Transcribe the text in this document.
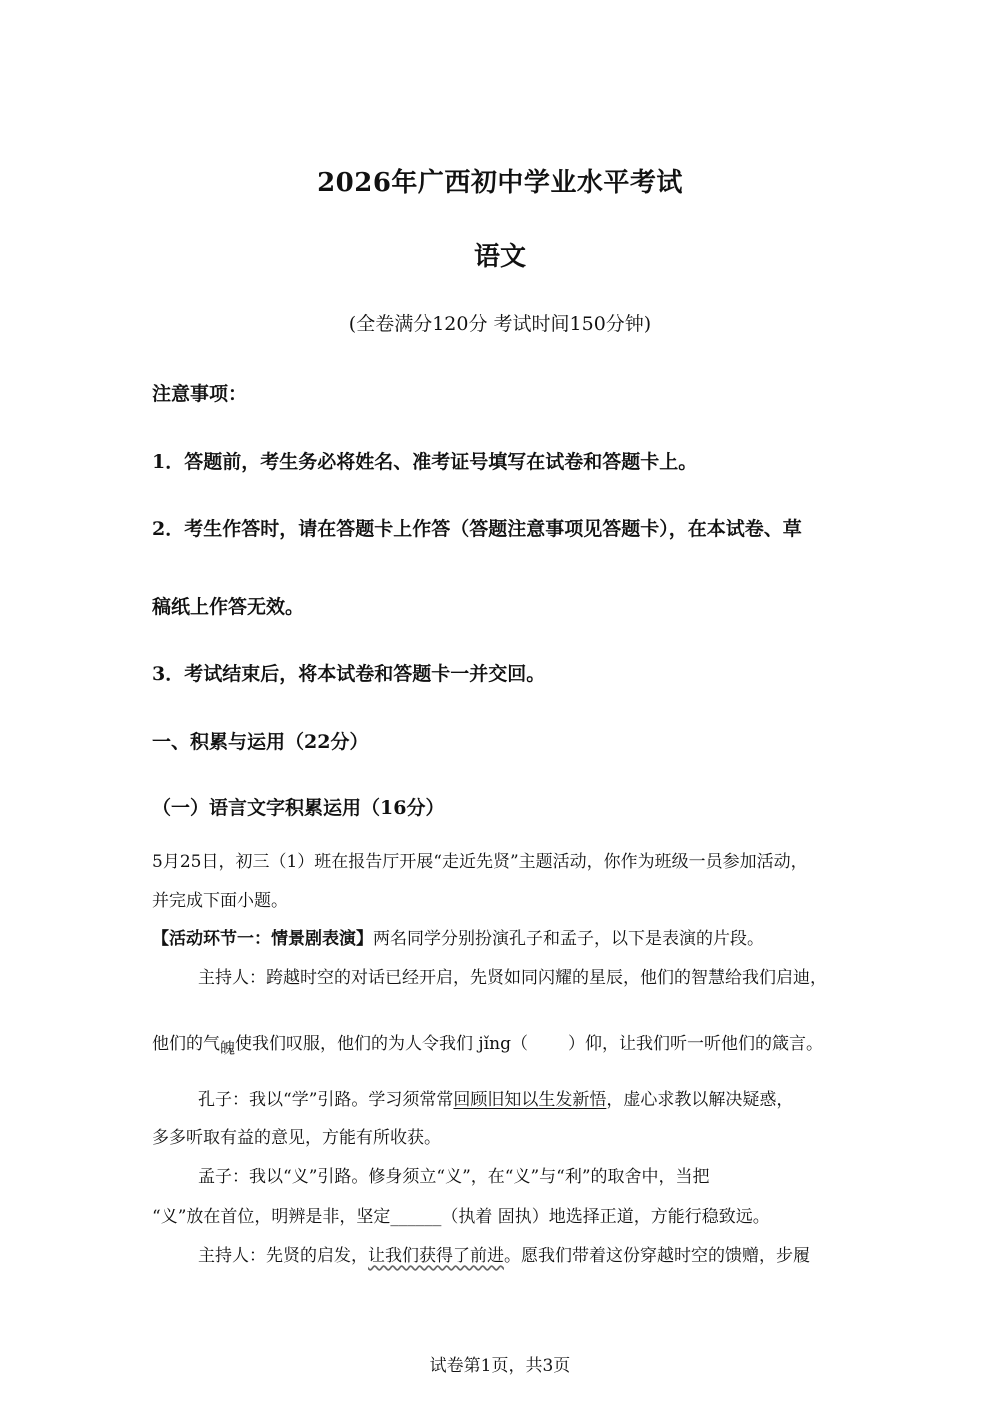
2026年广西初中学业水平考试
语文
(全卷满分120分 考试时间150分钟)
注意事项：
1．答题前，考生务必将姓名、准考证号填写在试卷和答题卡上。
2．考生作答时，请在答题卡上作答（答题注意事项见答题卡），在本试卷、草
稿纸上作答无效。
3．考试结束后，将本试卷和答题卡一并交回。
一、积累与运用（22分）
（一）语言文字积累运用（16分）
5月25日，初三（1）班在报告厅开展“走近先贤”主题活动，你作为班级一员参加活动，
并完成下面小题。
【活动环节一：情景剧表演】两名同学分别扮演孔子和孟子，以下是表演的片段。
主持人：跨越时空的对话已经开启，先贤如同闪耀的星辰，他们的智慧给我们启迪，
他们的气魄使我们叹服，他们的为人令我们 jǐng（ ）仰，让我们听一听他们的箴言。
孔子：我以“学”引路。学习须常常回顾旧知以生发新悟，虚心求教以解决疑惑，
多多听取有益的意见，方能有所收获。
孟子：我以“义”引路。修身须立“义”，在“义”与“利”的取舍中，当把
“义”放在首位，明辨是非，坚定______（执着 固执）地选择正道，方能行稳致远。
主持人：先贤的启发，让我们获得了前进。愿我们带着这份穿越时空的馈赠，步履
试卷第1页，共3页
